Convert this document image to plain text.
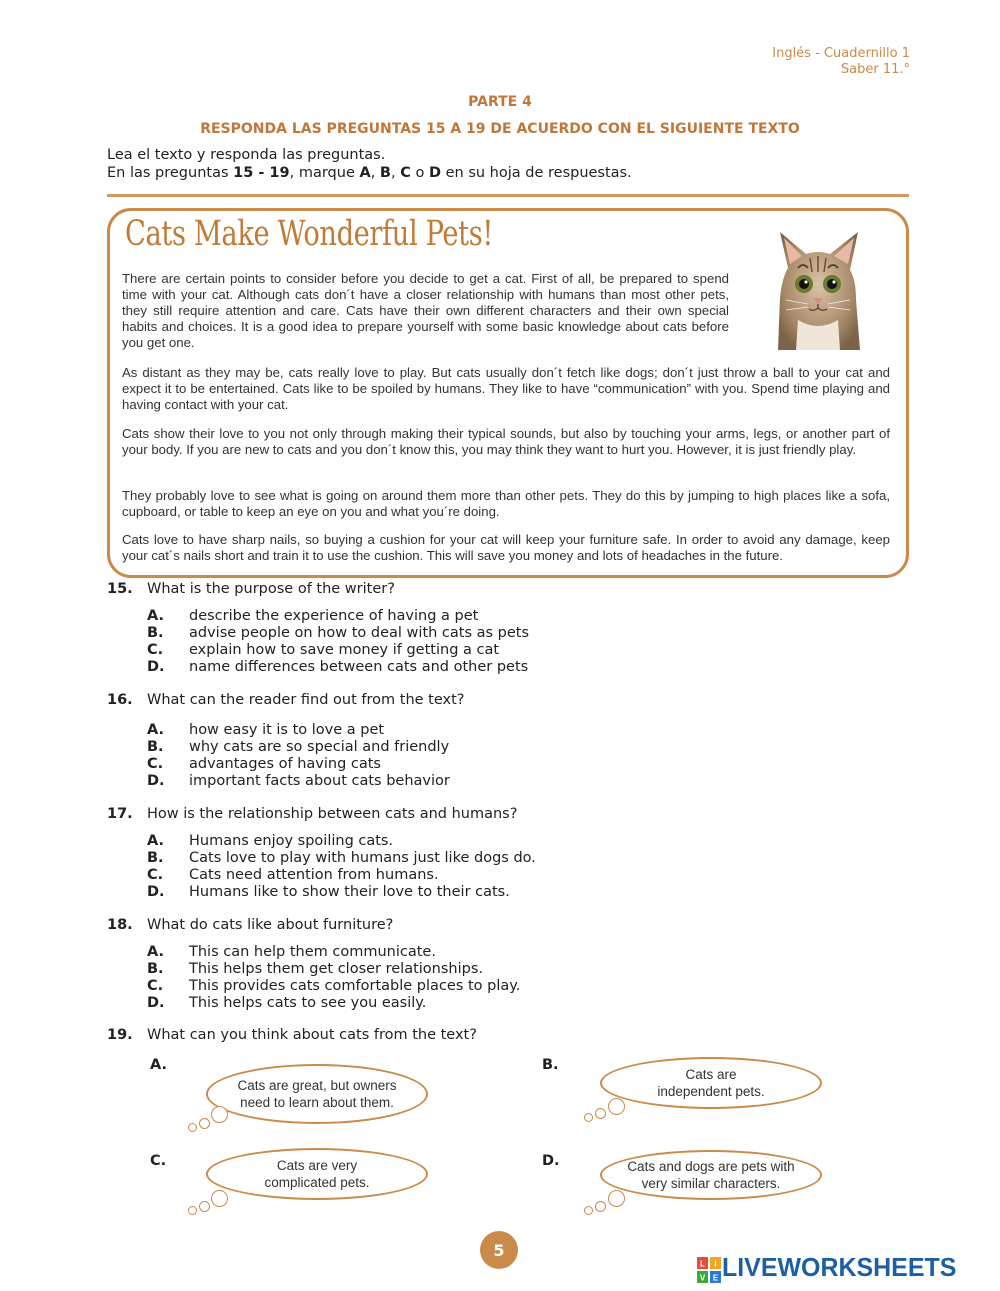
Inglés - Cuadernillo 1
Saber 11.°
PARTE 4
RESPONDA LAS PREGUNTAS 15 A 19 DE ACUERDO CON EL SIGUIENTE TEXTO
Lea el texto y responda las preguntas.
En las preguntas 15 - 19, marque A, B, C o D en su hoja de respuestas.
Cats Make Wonderful Pets!
There are certain points to consider before you decide to get a cat. First of all, be prepared to spend time with your cat. Although cats don´t have a closer relationship with humans than most other pets, they still require attention and care. Cats have their own different characters and their own special habits and choices. It is a good idea to prepare yourself with some basic knowledge about cats before you get one.
As distant as they may be, cats really love to play. But cats usually don´t fetch like dogs; don´t just throw a ball to your cat and expect it to be entertained. Cats like to be spoiled by humans. They like to have “communication” with you. Spend time playing and having contact with your cat.
Cats show their love to you not only through making their typical sounds, but also by touching your arms, legs, or another part of your body. If you are new to cats and you don´t know this, you may think they want to hurt you. However, it is just friendly play.
They probably love to see what is going on around them more than other pets. They do this by jumping to high places like a sofa, cupboard, or table to keep an eye on you and what you´re doing.
Cats love to have sharp nails, so buying a cushion for your cat will keep your furniture safe. In order to avoid any damage, keep your cat´s nails short and train it to use the cushion. This will save you money and lots of headaches in the future.
15. What is the purpose of the writer?
A. describe the experience of having a pet
B. advise people on how to deal with cats as pets
C. explain how to save money if getting a cat
D. name differences between cats and other pets
16. What can the reader find out from the text?
A. how easy it is to love a pet
B. why cats are so special and friendly
C. advantages of having cats
D. important facts about cats behavior
17. How is the relationship between cats and humans?
A. Humans enjoy spoiling cats.
B. Cats love to play with humans just like dogs do.
C. Cats need attention from humans.
D. Humans like to show their love to their cats.
18. What do cats like about furniture?
A. This can help them communicate.
B. This helps them get closer relationships.
C. This provides cats comfortable places to play.
D. This helps cats to see you easily.
19. What can you think about cats from the text?
A.
Cats are great, but owners
need to learn about them.
B.
Cats are
independent pets.
C.	Cats are very
complicated pets.
D.	Cats and dogs are pets with
very similar characters.
5
L I
V E LIVEWORKSHEETS
